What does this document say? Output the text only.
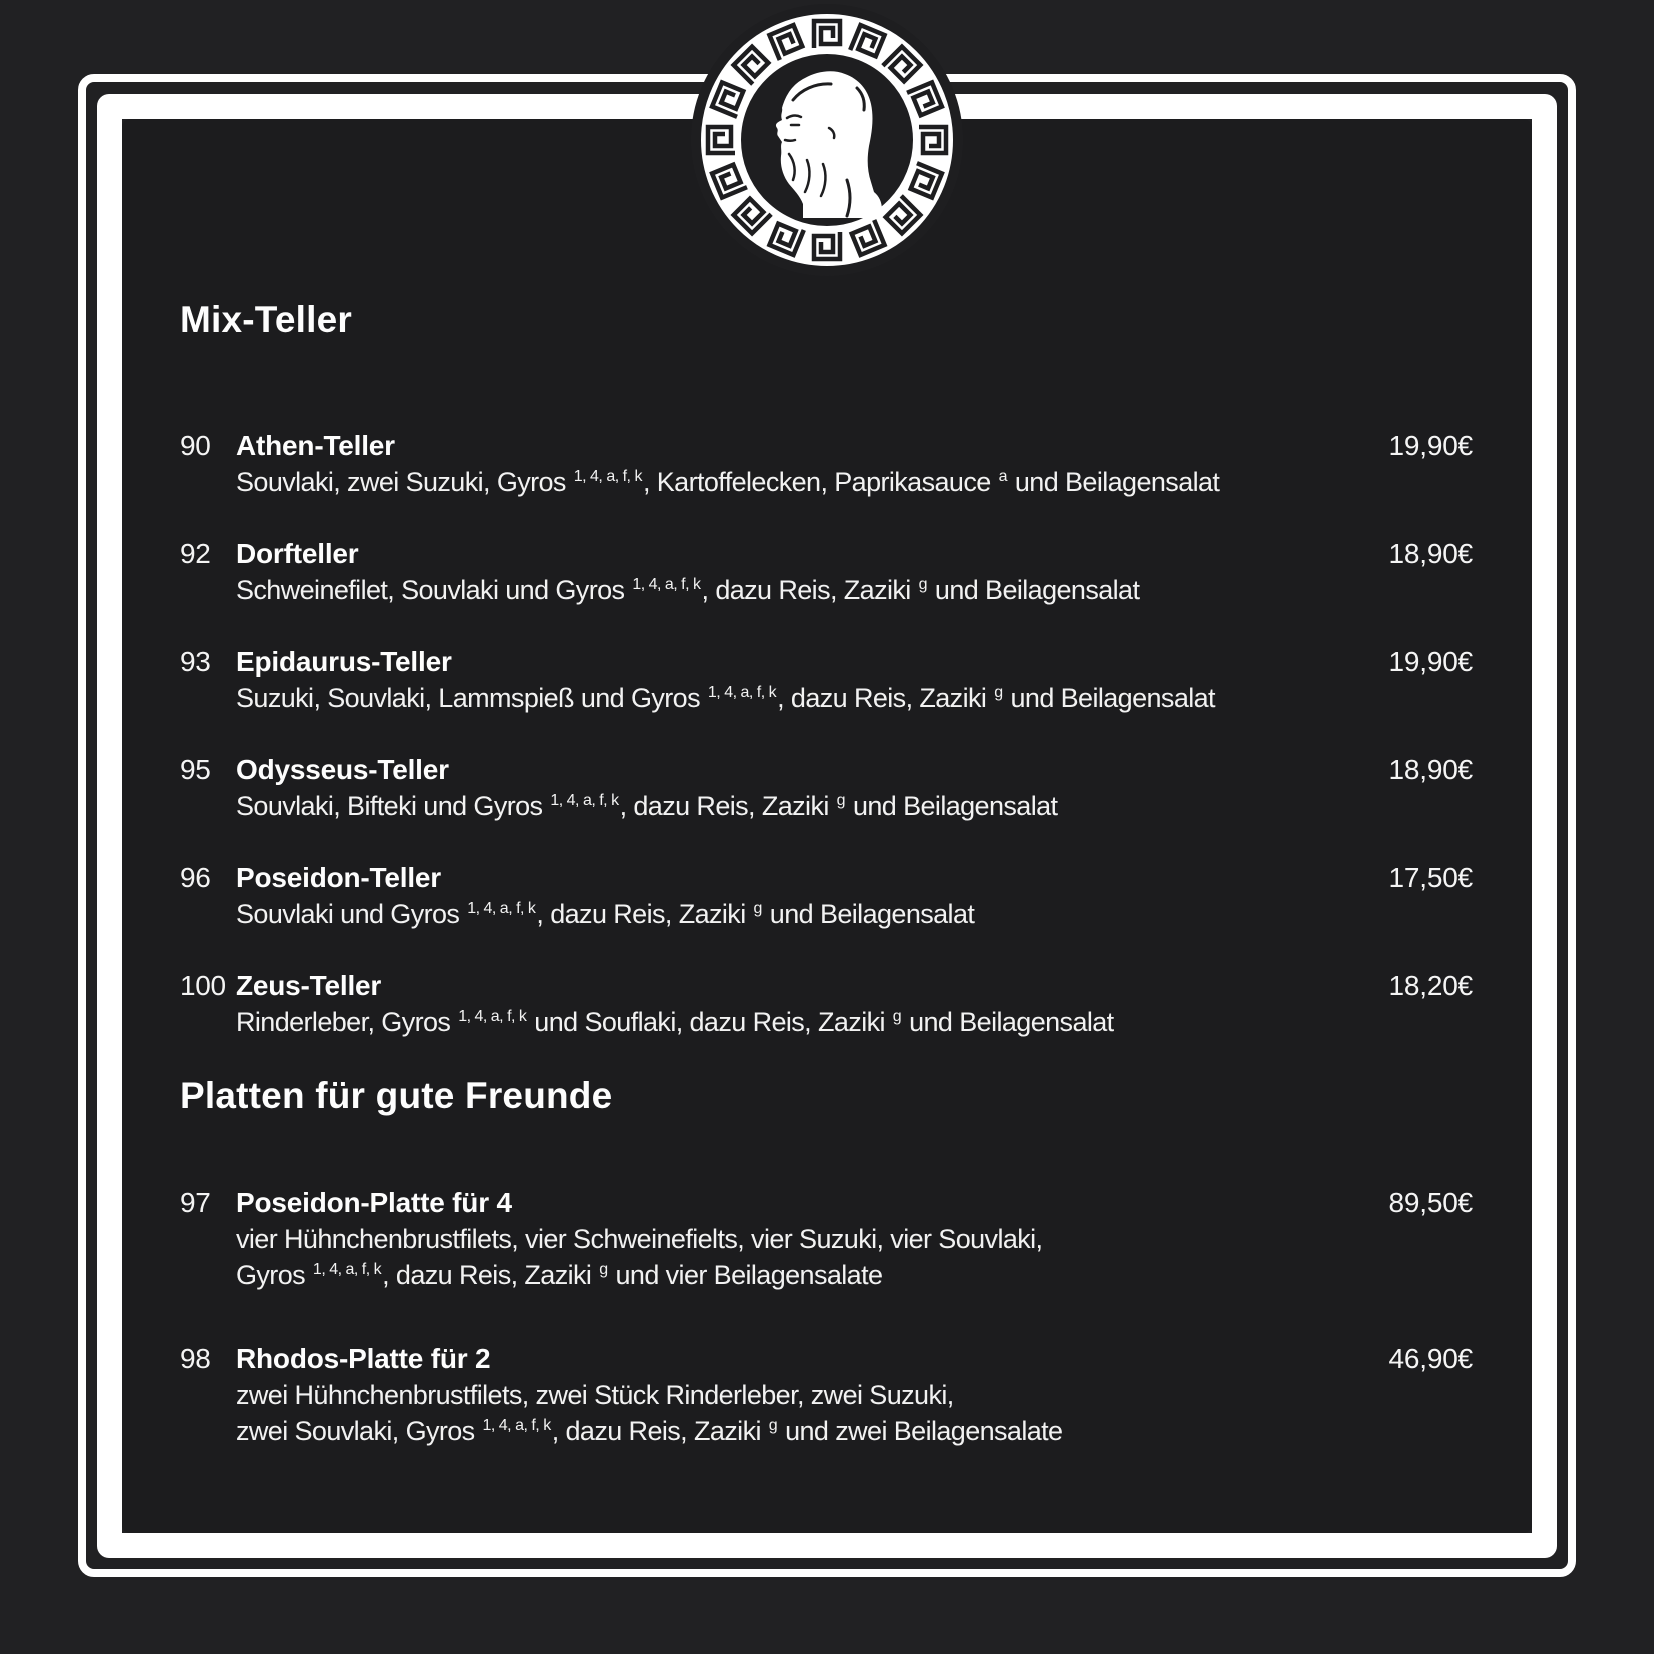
Mix-Teller
90 Athen-Teller
Souvlaki, zwei Suzuki, Gyros $^{1, 4, a, f, k}$, Kartoffelecken, Paprikasauce $^a$ und Beilagensalat
19,90€
92 Dorfteller
Schweinefilet, Souvlaki und Gyros $^{1, 4, a, f, k}$, dazu Reis, Zaziki $^g$ und Beilagensalat
18,90€
93 Epidaurus-Teller
Suzuki, Souvlaki, Lammspieß und Gyros $^{1, 4, a, f, k}$, dazu Reis, Zaziki $^g$ und Beilagensalat
19,90€
95 Odysseus-Teller
Souvlaki, Bifteki und Gyros $^{1, 4, a, f, k}$, dazu Reis, Zaziki $^g$ und Beilagensalat
18,90€
96 Poseidon-Teller
Souvlaki und Gyros $^{1, 4, a, f, k}$, dazu Reis, Zaziki $^g$ und Beilagensalat
17,50€
100 Zeus-Teller
Rinderleber, Gyros $^{1, 4, a, f, k}$ und Souflaki, dazu Reis, Zaziki $^g$ und Beilagensalat
18,20€
Platten für gute Freunde
97 Poseidon-Platte für 4
vier Hühnchenbrustfilets, vier Schweinefielts, vier Suzuki, vier Souvlaki,
Gyros $^{1, 4, a, f, k}$, dazu Reis, Zaziki $^g$ und vier Beilagensalate
89,50€
98 Rhodos-Platte für 2
zwei Hühnchenbrustfilets, zwei Stück Rinderleber, zwei Suzuki,
zwei Souvlaki, Gyros $^{1, 4, a, f, k}$, dazu Reis, Zaziki $^g$ und zwei Beilagensalate
46,90€
